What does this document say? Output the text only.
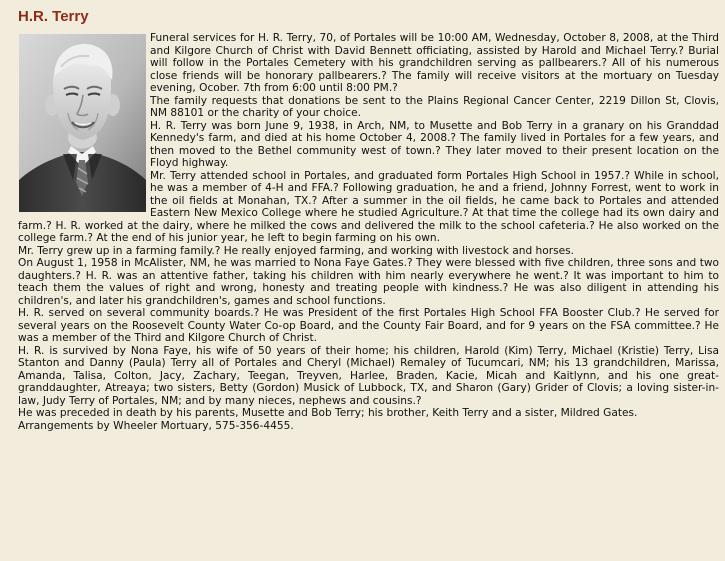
H.R. Terry

Funeral services for H. R. Terry, 70, of Portales will be 10:00 AM, Wednesday, October 8, 2008, at the Third and Kilgore Church of Christ with David Bennett officiating, assisted by Harold and Michael Terry.? Burial will follow in the Portales Cemetery with his grandchildren serving as pallbearers.? All of his numerous close friends will be honorary pallbearers.? The family will receive visitors at the mortuary on Tuesday evening, Ocober. 7th from 6:00 until 8:00 PM.?

The family requests that donations be sent to the Plains Regional Cancer Center, 2219 Dillon St, Clovis, NM 88101 or the charity of your choice.

H. R. Terry was born June 9, 1938, in Arch, NM, to Musette and Bob Terry in a granary on his Granddad Kennedy's farm, and died at his home October 4, 2008.? The family lived in Portales for a few years, and then moved to the Bethel community west of town.? They later moved to their present location on the Floyd highway.

Mr. Terry attended school in Portales, and graduated form Portales High School in 1957.? While in school, he was a member of 4-H and FFA.? Following graduation, he and a friend, Johnny Forrest, went to work in the oil fields at Monahan, TX.? After a summer in the oil fields, he came back to Portales and attended Eastern New Mexico College where he studied Agriculture.? At that time the college had its own dairy and farm.? H. R. worked at the dairy, where he milked the cows and delivered the milk to the school cafeteria.? He also worked on the college farm.? At the end of his junior year, he left to begin farming on his own.

Mr. Terry grew up in a farming family.? He really enjoyed farming, and working with livestock and horses.

On August 1, 1958 in McAlister, NM, he was married to Nona Faye Gates.? They were blessed with five children, three sons and two daughters.? H. R. was an attentive father, taking his children with him nearly everywhere he went.? It was important to him to teach them the values of right and wrong, honesty and treating people with kindness.? He was also diligent in attending his children's, and later his grandchildren's, games and school functions.

H. R. served on several community boards.? He was President of the first Portales High School FFA Booster Club.? He served for several years on the Roosevelt County Water Co-op Board, and the County Fair Board, and for 9 years on the FSA committee.? He was a member of the Third and Kilgore Church of Christ.

H. R. is survived by Nona Faye, his wife of 50 years of their home; his children, Harold (Kim) Terry, Michael (Kristie) Terry, Lisa Stanton and Danny (Paula) Terry all of Portales and Cheryl (Michael) Remaley of Tucumcari, NM; his 13 grandchildren, Marissa, Amanda, Talisa, Colton, Jacy, Zachary, Teegan, Treyven, Harlee, Braden, Kacie, Micah and Kaitlynn, and his one great-granddaughter, Atreaya; two sisters, Betty (Gordon) Musick of Lubbock, TX, and Sharon (Gary) Grider of Clovis; a loving sister-in-law, Judy Terry of Portales, NM; and by many nieces, nephews and cousins.?

He was preceded in death by his parents, Musette and Bob Terry; his brother, Keith Terry and a sister, Mildred Gates.

Arrangements by Wheeler Mortuary, 575-356-4455.
